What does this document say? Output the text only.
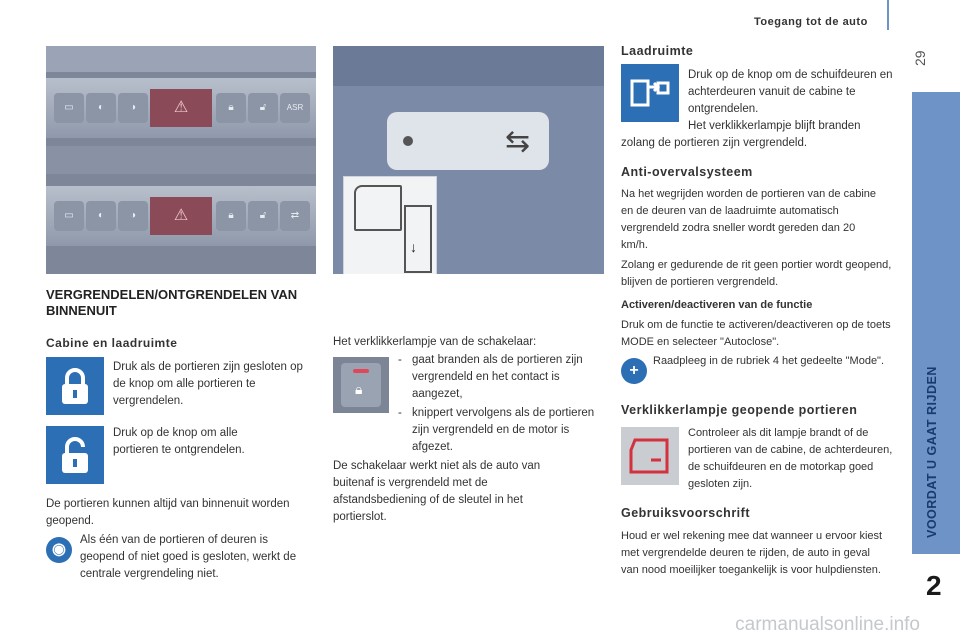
Toegang tot de auto
29
VOORDAT U GAAT RIJDEN
2
▭	◐	◑	⚠	🔒︎	🔓︎	ASR
▭	◐	◑	⚠	🔒︎	🔓︎	⇄
⇆
↓
VERGRENDELEN/ONTGRENDELEN VAN BINNENUIT
Cabine en laadruimte
Druk als de portieren zijn gesloten op de knop om alle portieren te vergrendelen.
Druk op de knop om alle portieren te ontgrendelen.
De portieren kunnen altijd van binnenuit worden geopend.
◉
Als één van de portieren of deuren is geopend of niet goed is gesloten, werkt de centrale vergrendeling niet.
Het verklikkerlampje van de schakelaar:
🔒︎
- gaat branden als de portieren zijn vergrendeld en het contact is aangezet,
- knippert vervolgens als de portieren zijn vergrendeld en de motor is afgezet.
De schakelaar werkt niet als de auto van buitenaf is vergrendeld met de afstandsbediening of de sleutel in het portierslot.
Laadruimte
Druk op de knop om de schuifdeuren en achterdeuren vanuit de cabine te ontgrendelen.
Het verklikkerlampje blijft branden zolang de portieren zijn vergrendeld.
Anti-overvalsysteem
Na het wegrijden worden de portieren van de cabine en de deuren van de laadruimte automatisch vergrendeld zodra sneller wordt gereden dan 20 km/h.
Zolang er gedurende de rit geen portier wordt geopend, blijven de portieren vergrendeld.
Activeren/deactiveren van de functie
Druk om de functie te activeren/deactiveren op de toets MODE en selecteer "Autoclose".
+
Raadpleeg in de rubriek 4 het gedeelte "Mode".
Verklikkerlampje geopende portieren
Controleer als dit lampje brandt of de portieren van de cabine, de achterdeuren, de schuifdeuren en de motorkap goed gesloten zijn.
Gebruiksvoorschrift
Houd er wel rekening mee dat wanneer u ervoor kiest met vergrendelde deuren te rijden, de auto in geval van nood moeilijker toegankelijk is voor hulpdiensten.
carmanualsonline.info
